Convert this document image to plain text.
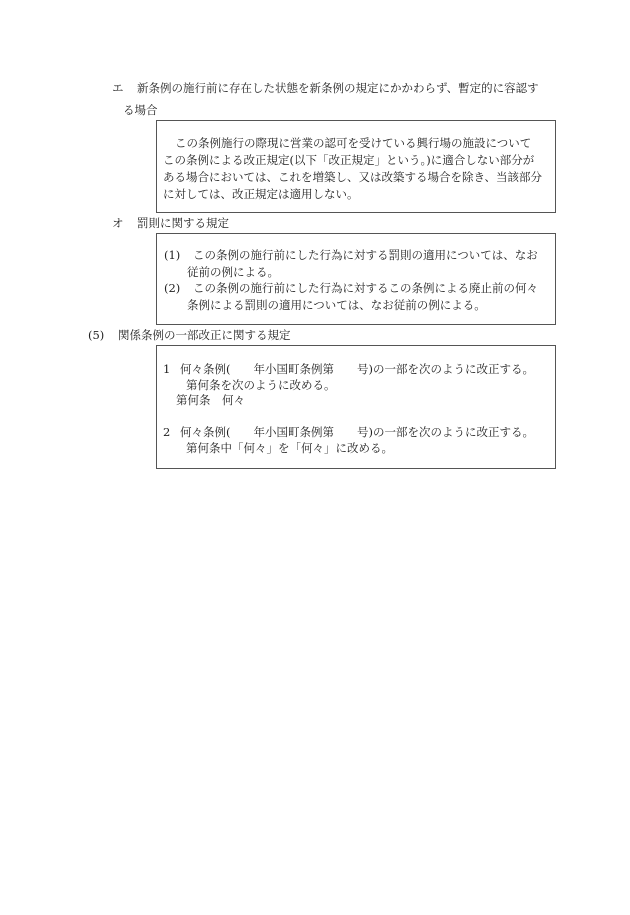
エ 新条例の施行前に存在した状態を新条例の規定にかかわらず、暫定的に容認す
る場合
この条例施行の際現に営業の認可を受けている興行場の施設について
この条例による改正規定(以下「改正規定」という。)に適合しない部分が
ある場合においては、これを増築し、又は改築する場合を除き、当該部分
に対しては、改正規定は適用しない。
オ 罰則に関する規定
(1) この条例の施行前にした行為に対する罰則の適用については、なお
従前の例による。
(2) この条例の施行前にした行為に対するこの条例による廃止前の何々
条例による罰則の適用については、なお従前の例による。
(5) 関係条例の一部改正に関する規定
1 何々条例(　　年小国町条例第　　号)の一部を次のように改正する。
第何条を次のように改める。
第何条　何々
2 何々条例(　　年小国町条例第　　号)の一部を次のように改正する。
第何条中「何々」を「何々」に改める。
